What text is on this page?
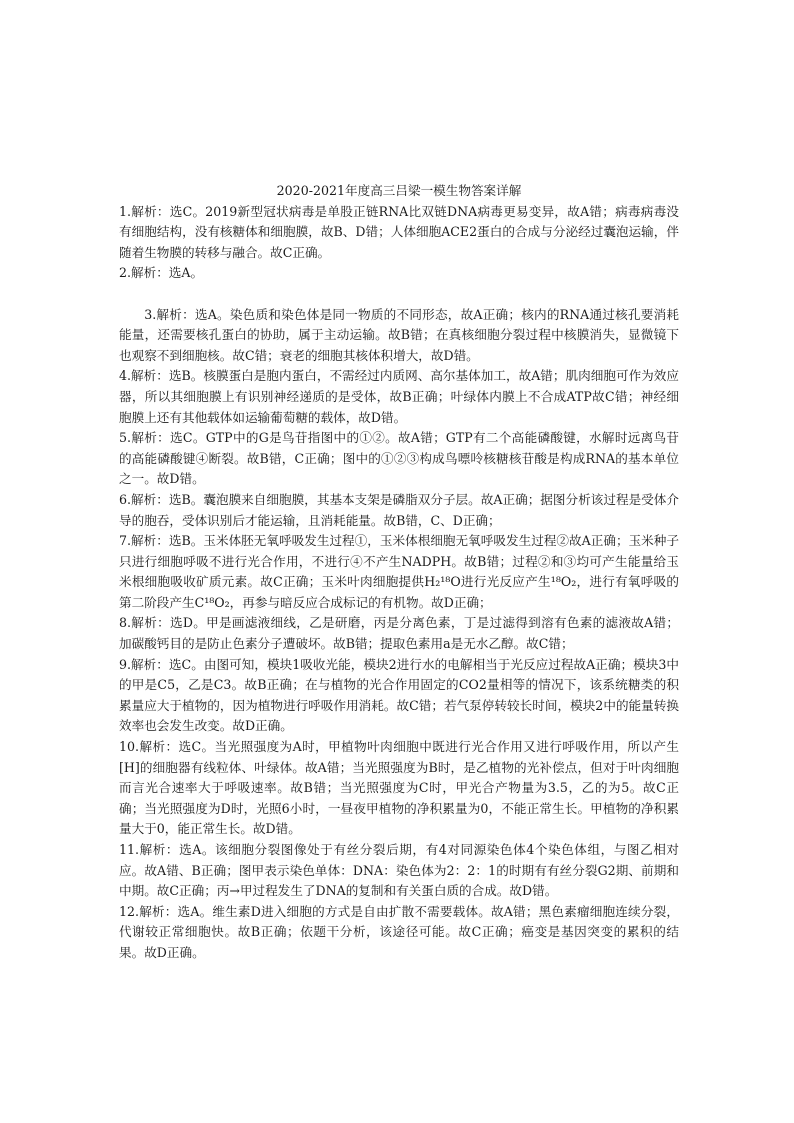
2020-2021年度高三吕梁一模生物答案详解

1.解析：选C。2019新型冠状病毒是单股正链RNA比双链DNA病毒更易变异，故A错；病毒病毒没有细胞结构，没有核糖体和细胞膜，故B、D错；人体细胞ACE2蛋白的合成与分泌经过囊泡运输，伴随着生物膜的转移与融合。故C正确。

2.解析：选A。

3.解析：选A。染色质和染色体是同一物质的不同形态，故A正确；核内的RNA通过核孔要消耗能量，还需要核孔蛋白的协助，属于主动运输。故B错；在真核细胞分裂过程中核膜消失，显微镜下也观察不到细胞核。故C错；衰老的细胞其核体积增大，故D错。

4.解析：选B。核膜蛋白是胞内蛋白，不需经过内质网、高尔基体加工，故A错；肌肉细胞可作为效应器，所以其细胞膜上有识别神经递质的是受体，故B正确；叶绿体内膜上不合成ATP故C错；神经细胞膜上还有其他载体如运输葡萄糖的载体，故D错。

5.解析：选C。GTP中的G是鸟苷指图中的①②。故A错；GTP有二个高能磷酸键，水解时远离鸟苷的高能磷酸键④断裂。故B错，C正确；图中的①②③构成鸟嘌呤核糖核苷酸是构成RNA的基本单位之一。故D错。

6.解析：选B。囊泡膜来自细胞膜，其基本支架是磷脂双分子层。故A正确；据图分析该过程是受体介导的胞吞，受体识别后才能运输，且消耗能量。故B错，C、D正确；

7.解析：选B。玉米体胚无氧呼吸发生过程①，玉米体根细胞无氧呼吸发生过程②故A正确；玉米种子只进行细胞呼吸不进行光合作用，不进行④不产生NADPH。故B错；过程②和③均可产生能量给玉米根细胞吸收矿质元素。故C正确；玉米叶肉细胞提供H₂¹⁸O进行光反应产生¹⁸O₂，进行有氧呼吸的第二阶段产生C¹⁸O₂，再参与暗反应合成标记的有机物。故D正确；

8.解析：选D。甲是画滤液细线，乙是研磨，丙是分离色素，丁是过滤得到溶有色素的滤液故A错；加碳酸钙目的是防止色素分子遭破坏。故B错；提取色素用a是无水乙醇。故C错；

9.解析：选C。由图可知，模块1吸收光能，模块2进行水的电解相当于光反应过程故A正确；模块3中的甲是C5，乙是C3。故B正确；在与植物的光合作用固定的CO2量相等的情况下，该系统糖类的积累量应大于植物的，因为植物进行呼吸作用消耗。故C错；若气泵停转较长时间，模块2中的能量转换效率也会发生改变。故D正确。

10.解析：选C。当光照强度为A时，甲植物叶肉细胞中既进行光合作用又进行呼吸作用，所以产生[H]的细胞器有线粒体、叶绿体。故A错；当光照强度为B时，是乙植物的光补偿点，但对于叶肉细胞而言光合速率大于呼吸速率。故B错；当光照强度为C时，甲光合产物量为3.5，乙的为5。故C正确；当光照强度为D时，光照6小时，一昼夜甲植物的净积累量为0，不能正常生长。甲植物的净积累量大于0，能正常生长。故D错。

11.解析：选A。该细胞分裂图像处于有丝分裂后期，有4对同源染色体4个染色体组，与图乙相对应。故A错、B正确；图甲表示染色单体：DNA：染色体为2：2：1的时期有有丝分裂G2期、前期和中期。故C正确；丙→甲过程发生了DNA的复制和有关蛋白质的合成。故D错。

12.解析：选A。维生素D进入细胞的方式是自由扩散不需要载体。故A错；黑色素瘤细胞连续分裂，代谢较正常细胞快。故B正确；依题干分析，该途径可能。故C正确；癌变是基因突变的累积的结果。故D正确。
